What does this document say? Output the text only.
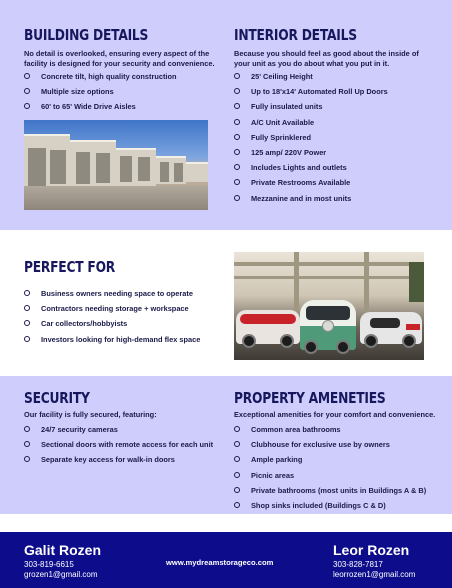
BUILDING DETAILS
No detail is overlooked, ensuring every aspect of the facility is designed for your security and convenience.
Concrete tilt, high quality construction
Multiple size options
60' to 65' Wide Drive Aisles
INTERIOR DETAILS
Because you should feel as good about the inside of your unit as you do about what you put in it.
25' Ceiling Height
Up to 18'x14' Automated Roll Up Doors
Fully insulated units
A/C Unit Available
Fully Sprinklered
125 amp/ 220V Power
Includes Lights and outlets
Private Restrooms Available
Mezzanine and in most units
PERFECT FOR
Business owners needing space to operate
Contractors needing storage + workspace
Car collectors/hobbyists
Investors looking for high-demand flex space
SECURITY
Our facility is fully secured, featuring:
24/7 security cameras
Sectional doors with remote access for each unit
Separate key access for walk-in doors
PROPERTY AMENETIES
Exceptional amenities for your comfort and convenience.
Common area bathrooms
Clubhouse for exclusive use by owners
Ample parking
Picnic areas
Private bathrooms (most units in Buildings A & B)
Shop sinks included (Buildings C & D)
Galit Rozen
303-819-6615
grozen1@gmail.com
www.mydreamstorageco.com
Leor Rozen
303-828-7817
leorrozen1@gmail.com
